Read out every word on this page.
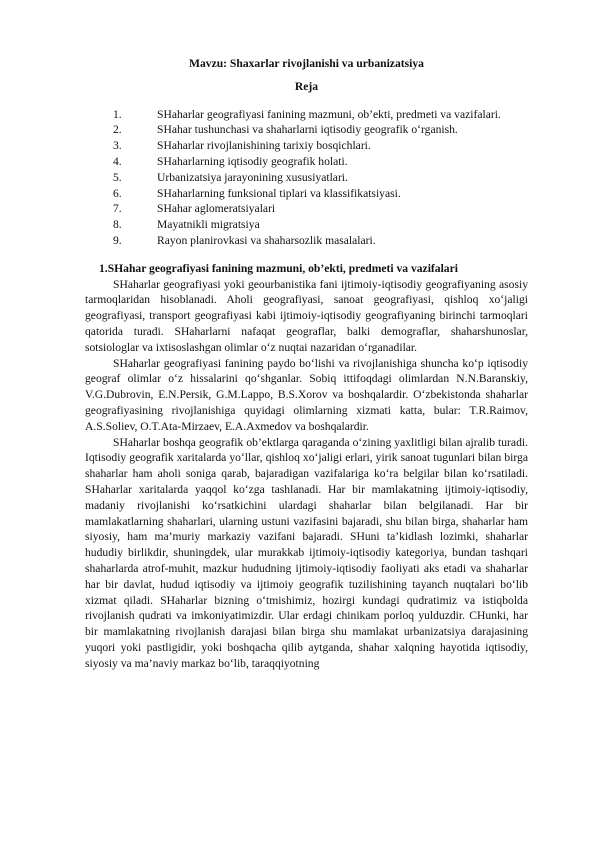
Mavzu: Shaxarlar rivojlanishi va urbanizatsiya
Reja
1.	SHaharlar geografiyasi fanining mazmuni, ob’ekti, predmeti va vazifalari.
2.	SHahar tushunchasi va shaharlarni iqtisodiy geografik o‘rganish.
3.	SHaharlar rivojlanishining tarixiy bosqichlari.
4.	SHaharlarning iqtisodiy geografik holati.
5.	Urbanizatsiya jarayonining xususiyatlari.
6.	SHaharlarning funksional tiplari va klassifikatsiyasi.
7.	SHahar aglomeratsiyalari
8.	Mayatnikli migratsiya
9.	Rayon planirovkasi va shaharsozlik masalalari.
1.SHahar geografiyasi fanining mazmuni, ob’ekti, predmeti va vazifalari

SHaharlar geografiyasi yoki geourbanistika fani ijtimoiy-iqtisodiy geografiyaning asosiy tarmoqlaridan hisoblanadi. Aholi geografiyasi, sanoat geografiyasi, qishloq xo‘jaligi geografiyasi, transport geografiyasi kabi ijtimoiy-iqtisodiy geografiyaning birinchi tarmoqlari qatorida turadi. SHaharlarni nafaqat geograflar, balki demograflar, shaharshunoslar, sotsiologlar va ixtisoslashgan olimlar o‘z nuqtai nazaridan o‘rganadilar.

SHaharlar geografiyasi fanining paydo bo‘lishi va rivojlanishiga shuncha ko‘p iqtisodiy geograf olimlar o‘z hissalarini qo‘shganlar. Sobiq ittifoqdagi olimlardan N.N.Baranskiy, V.G.Dubrovin, E.N.Persik, G.M.Lappo, B.S.Xorov va boshqalardir. O‘zbekistonda shaharlar geografiyasining rivojlanishiga quyidagi olimlarning xizmati katta, bular: T.R.Raimov, A.S.Soliev, O.T.Ata-Mirzaev, E.A.Axmedov va boshqalardir.

SHaharlar boshqa geografik ob’ektlarga qaraganda o‘zining yaxlitligi bilan ajralib turadi. Iqtisodiy geografik xaritalarda yo‘llar, qishloq xo‘jaligi erlari, yirik sanoat tugunlari bilan birga shaharlar ham aholi soniga qarab, bajaradigan vazifalariga ko‘ra belgilar bilan ko‘rsatiladi. SHaharlar xaritalarda yaqqol ko‘zga tashlanadi. Har bir mamlakatning ijtimoiy-iqtisodiy, madaniy rivojlanishi ko‘rsatkichini ulardagi shaharlar bilan belgilanadi. Har bir mamlakatlarning shaharlari, ularning ustuni vazifasini bajaradi, shu bilan birga, shaharlar ham siyosiy, ham ma’muriy markaziy vazifani bajaradi. SHuni ta’kidlash lozimki, shaharlar hududiy birlikdir, shuningdek, ular murakkab ijtimoiy-iqtisodiy kategoriya, bundan tashqari shaharlarda atrof-muhit, mazkur hududning ijtimoiy-iqtisodiy faoliyati aks etadi va shaharlar har bir davlat, hudud iqtisodiy va ijtimoiy geografik tuzilishining tayanch nuqtalari bo‘lib xizmat qiladi. SHaharlar bizning o‘tmishimiz, hozirgi kundagi qudratimiz va istiqbolda rivojlanish qudrati va imkoniyatimizdir. Ular erdagi chinikam porloq yulduzdir. CHunki, har bir mamlakatning rivojlanish darajasi bilan birga shu mamlakat urbanizatsiya darajasining yuqori yoki pastligidir, yoki boshqacha qilib aytganda, shahar xalqning hayotida iqtisodiy, siyosiy va ma’naviy markaz bo‘lib, taraqqiyotning
